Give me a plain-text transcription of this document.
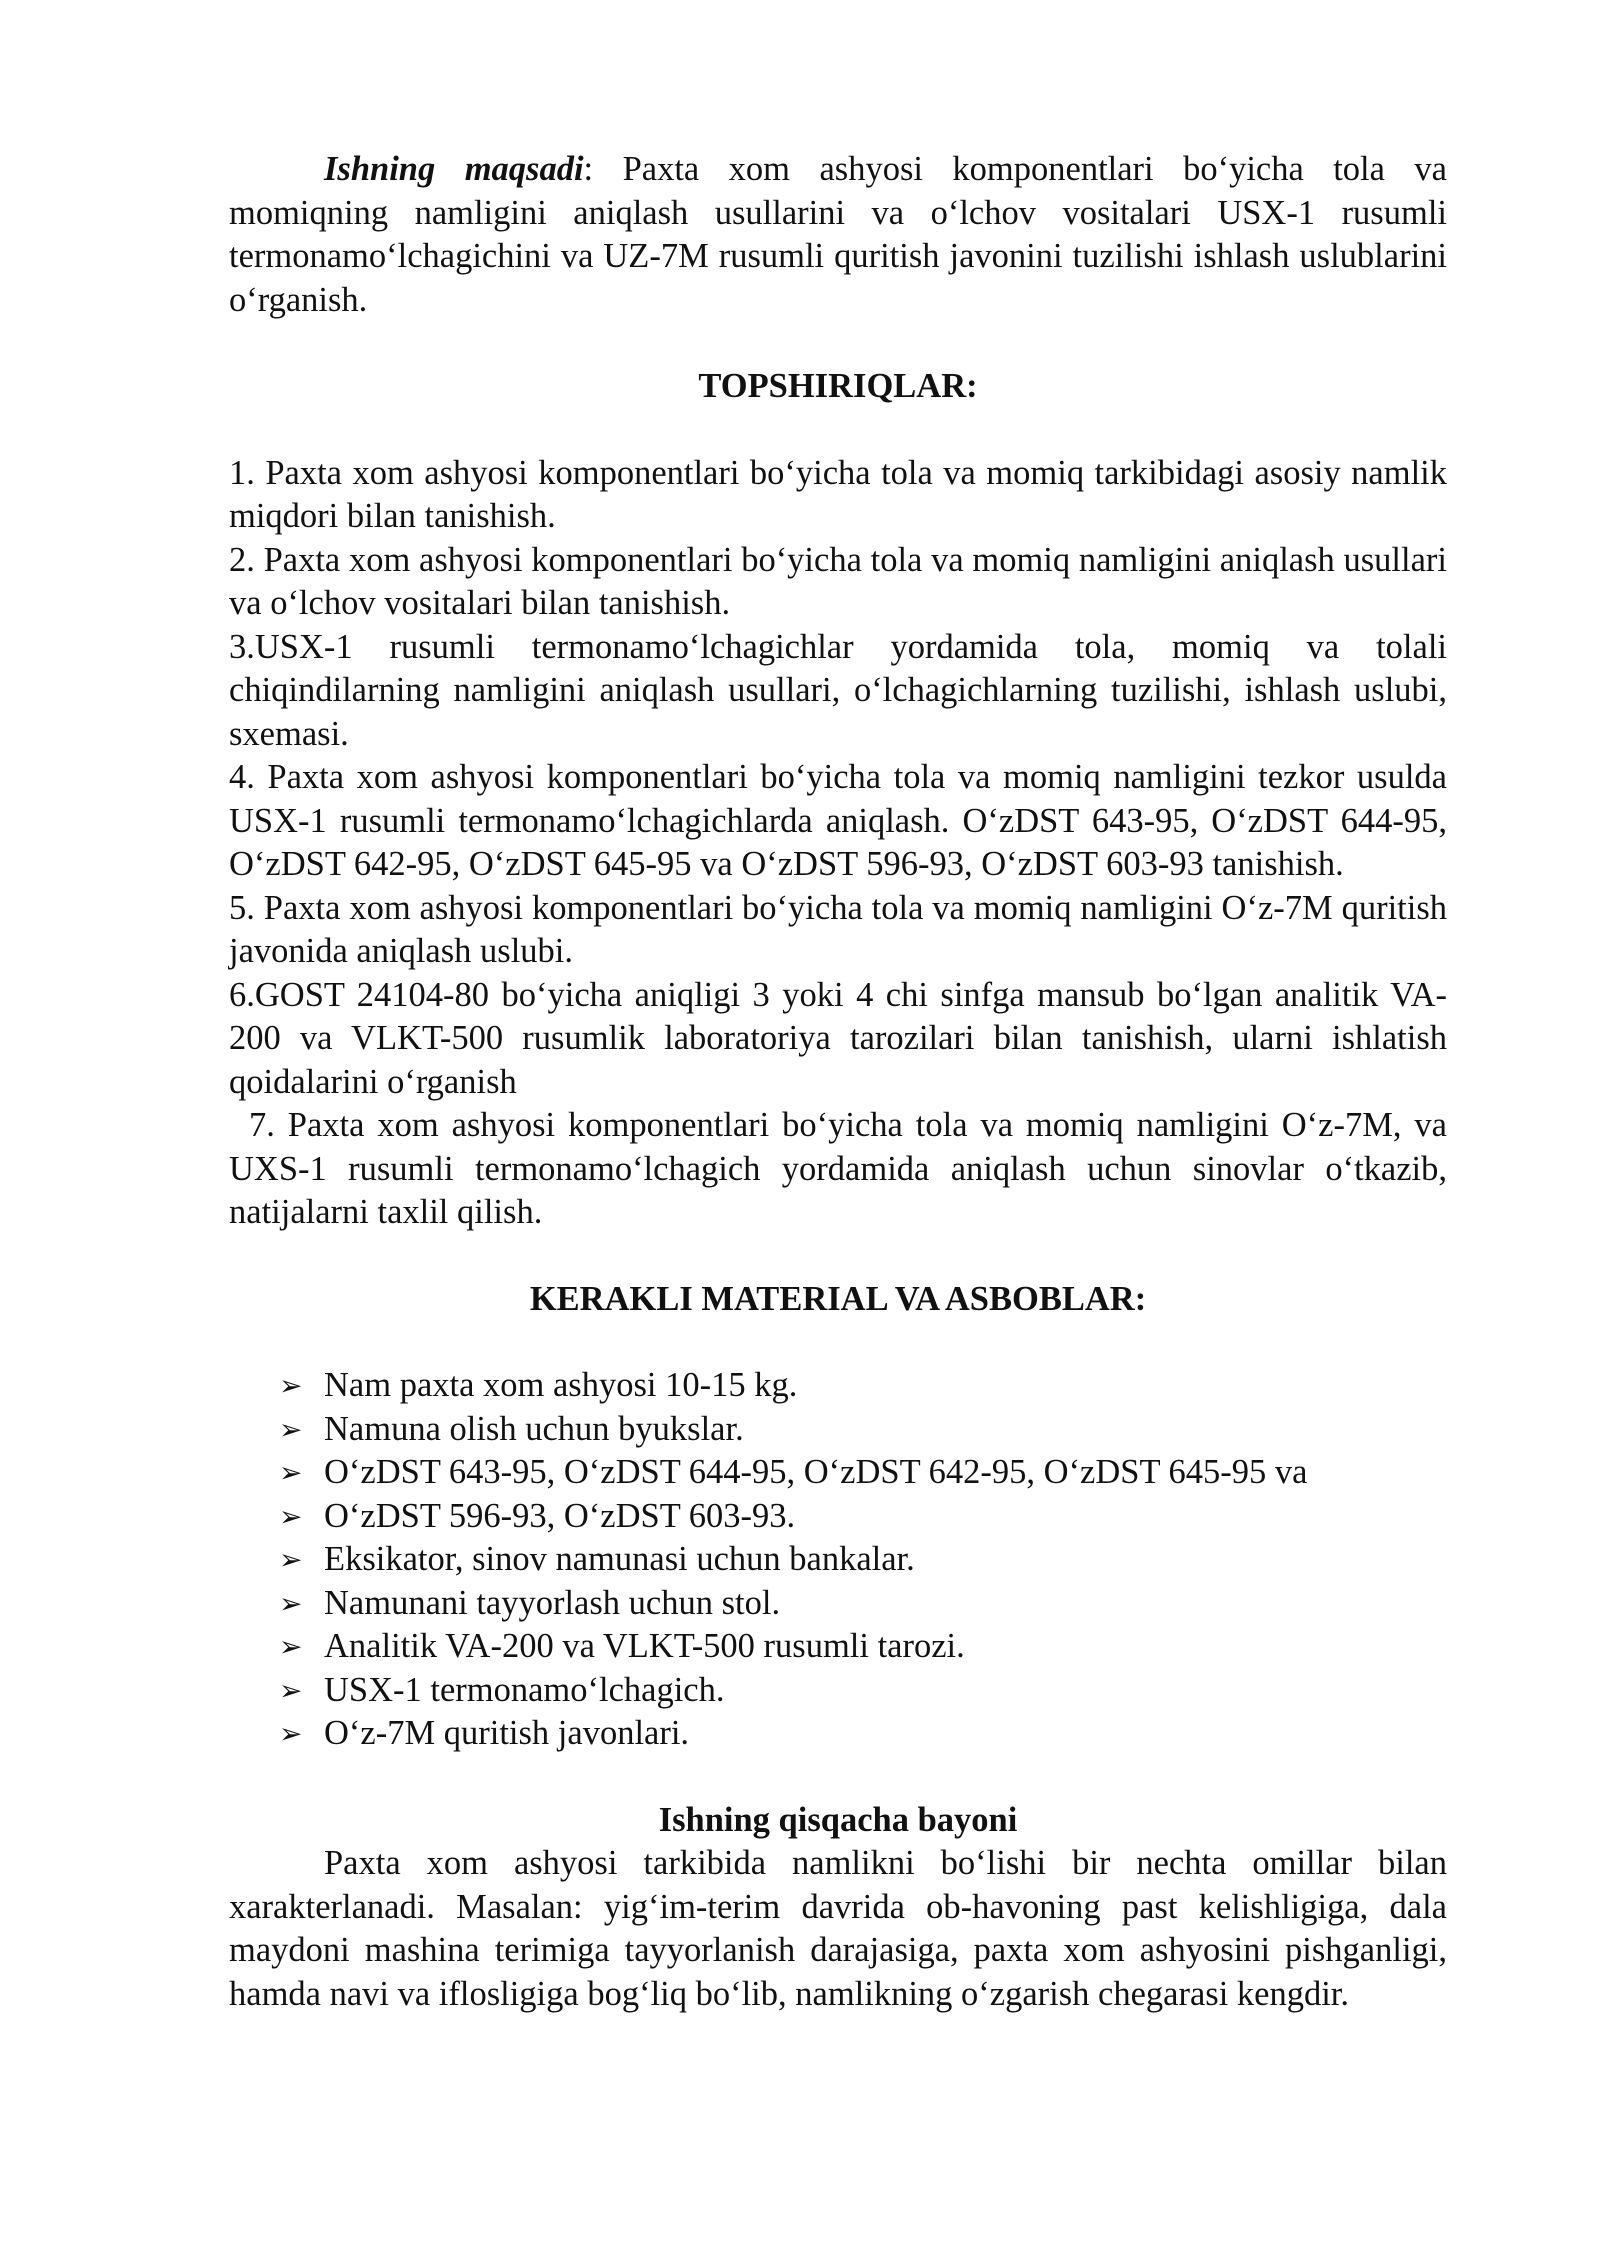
Ishning maqsadi: Paxta xom ashyosi komponentlari boʻyicha tola va momiqning namligini aniqlash usullarini va oʻlchov vositalari USX-1 rusumli termonamoʻlchagichini va UZ-7M rusumli quritish javonini tuzilishi ishlash uslublarini oʻrganish.

TOPSHIRIQLAR:

1. Paxta xom ashyosi komponentlari boʻyicha tola va momiq tarkibidagi asosiy namlik miqdori bilan tanishish.
2. Paxta xom ashyosi komponentlari boʻyicha tola va momiq namligini aniqlash usullari va oʻlchov vositalari bilan tanishish.
3.USX-1 rusumli termonamoʻlchagichlar yordamida tola, momiq va tolali chiqindilarning namligini aniqlash usullari, oʻlchagichlarning tuzilishi, ishlash uslubi, sxemasi.
4. Paxta xom ashyosi komponentlari boʻyicha tola va momiq namligini tezkor usulda USX-1 rusumli termonamoʻlchagichlarda aniqlash. OʻzDST 643-95, OʻzDST 644-95, OʻzDST 642-95, OʻzDST 645-95 va OʻzDST 596-93, OʻzDST 603-93 tanishish.
5. Paxta xom ashyosi komponentlari boʻyicha tola va momiq namligini Oʻz-7M quritish javonida aniqlash uslubi.
6.GOST 24104-80 boʻyicha aniqligi 3 yoki 4 chi sinfga mansub boʻlgan analitik VA-200 va VLKT-500 rusumlik laboratoriya tarozilari bilan tanishish, ularni ishlatish qoidalarini oʻrganish
7. Paxta xom ashyosi komponentlari boʻyicha tola va momiq namligini Oʻz-7M, va UXS-1 rusumli termonamoʻlchagich yordamida aniqlash uchun sinovlar oʻtkazib, natijalarni taxlil qilish.

KERAKLI MATERIAL VA ASBOBLAR:

➢ Nam paxta xom ashyosi 10-15 kg.
➢ Namuna olish uchun byukslar.
➢ OʻzDST 643-95, OʻzDST 644-95, OʻzDST 642-95, OʻzDST 645-95 va
➢ OʻzDST 596-93, OʻzDST 603-93.
➢ Eksikator, sinov namunasi uchun bankalar.
➢ Namunani tayyorlash uchun stol.
➢ Analitik VA-200 va VLKT-500 rusumli tarozi.
➢ USX-1 termonamoʻlchagich.
➢ Oʻz-7M quritish javonlari.

Ishning qisqacha bayoni

Paxta xom ashyosi tarkibida namlikni boʻlishi bir nechta omillar bilan xarakterlanadi. Masalan: yigʻim-terim davrida ob-havoning past kelishligiga, dala maydoni mashina terimiga tayyorlanish darajasiga, paxta xom ashyosini pishganligi, hamda navi va iflosligiga bogʻliq boʻlib, namlikning oʻzgarish chegarasi kengdir.
